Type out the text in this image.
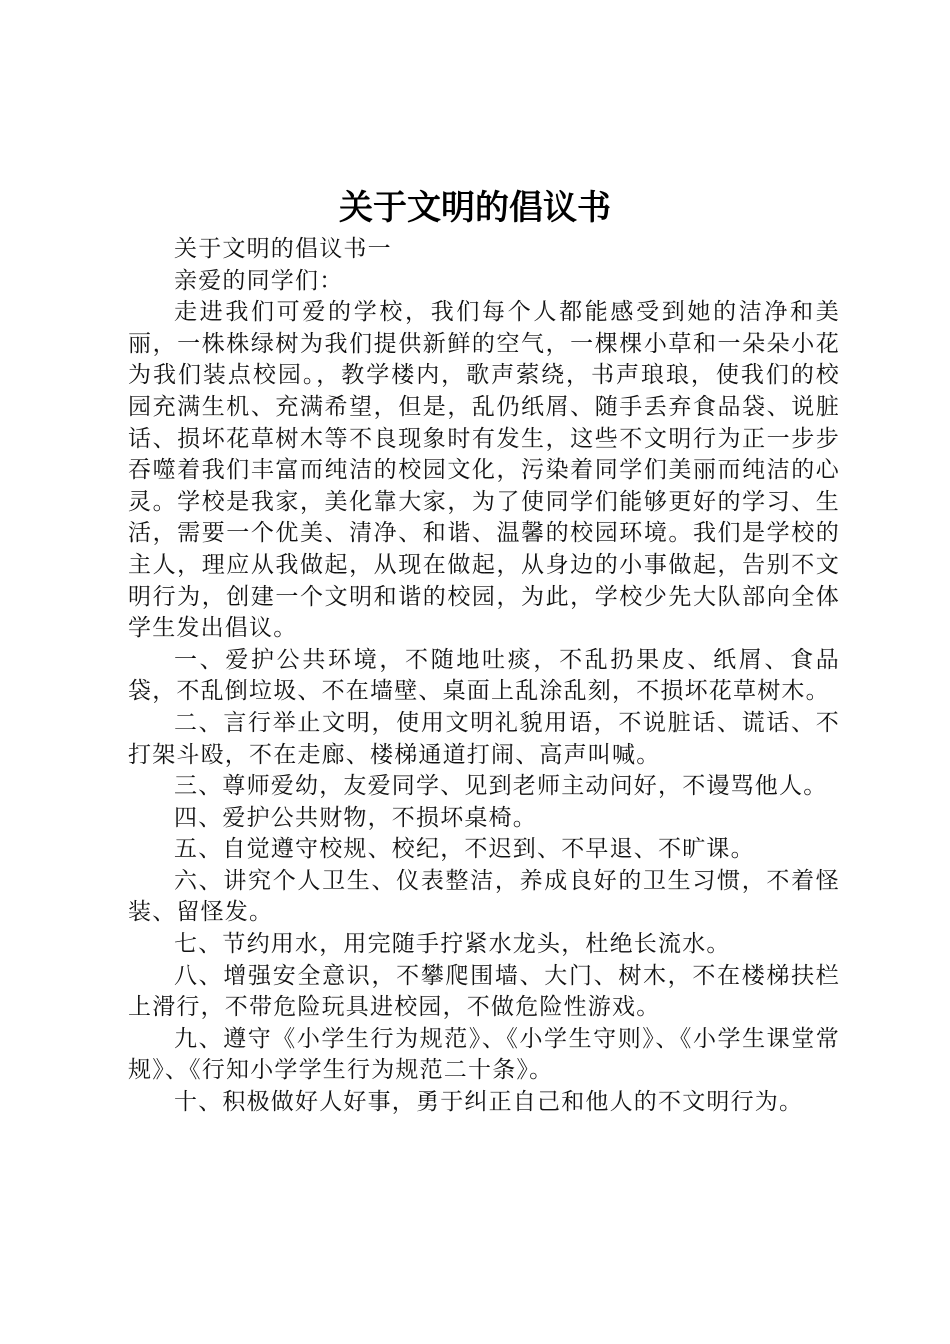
关于文明的倡议书

关于文明的倡议书一

亲爱的同学们：

走进我们可爱的学校，我们每个人都能感受到她的洁净和美丽，一株株绿树为我们提供新鲜的空气，一棵棵小草和一朵朵小花为我们装点校园。，教学楼内，歌声萦绕，书声琅琅，使我们的校园充满生机、充满希望，但是，乱仍纸屑、随手丢弃食品袋、说脏话、损坏花草树木等不良现象时有发生，这些不文明行为正一步步吞噬着我们丰富而纯洁的校园文化，污染着同学们美丽而纯洁的心灵。学校是我家，美化靠大家，为了使同学们能够更好的学习、生活，需要一个优美、清净、和谐、温馨的校园环境。我们是学校的主人，理应从我做起，从现在做起，从身边的小事做起，告别不文明行为，创建一个文明和谐的校园，为此，学校少先大队部向全体学生发出倡议。

一、爱护公共环境，不随地吐痰，不乱扔果皮、纸屑、食品袋，不乱倒垃圾、不在墙壁、桌面上乱涂乱刻，不损坏花草树木。

二、言行举止文明，使用文明礼貌用语，不说脏话、谎话、不打架斗殴，不在走廊、楼梯通道打闹、高声叫喊。

三、尊师爱幼，友爱同学、见到老师主动问好，不谩骂他人。

四、爱护公共财物，不损坏桌椅。

五、自觉遵守校规、校纪，不迟到、不早退、不旷课。

六、讲究个人卫生、仪表整洁，养成良好的卫生习惯，不着怪装、留怪发。

七、节约用水，用完随手拧紧水龙头，杜绝长流水。

八、增强安全意识，不攀爬围墙、大门、树木，不在楼梯扶栏上滑行，不带危险玩具进校园，不做危险性游戏。

九、遵守《小学生行为规范》、《小学生守则》、《小学生课堂常规》、《行知小学学生行为规范二十条》。

十、积极做好人好事，勇于纠正自己和他人的不文明行为。
